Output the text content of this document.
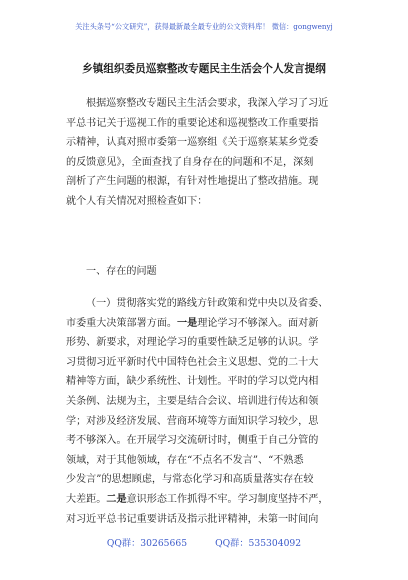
关注头条号“公文研究”，获得最新最全最专业的公文资料库！ 微信：gongwenyj
乡镇组织委员巡察整改专题民主生活会个人发言提纲
根据巡察整改专题民主生活会要求，我深入学习了习近
平总书记关于巡视工作的重要论述和巡视整改工作重要指
示精神，认真对照市委第一巡察组《关于巡察某某乡党委
的反馈意见》，全面查找了自身存在的问题和不足，深刻
剖析了产生问题的根源，有针对性地提出了整改措施。现
就个人有关情况对照检查如下：
一、存在的问题
（一）贯彻落实党的路线方针政策和党中央以及省委、
市委重大决策部署方面。一是理论学习不够深入。面对新
形势、新要求，对理论学习的重要性缺乏足够的认识。学
习贯彻习近平新时代中国特色社会主义思想、党的二十大
精神等方面，缺少系统性、计划性。平时的学习以党内相
关条例、法规为主，主要是结合会议、培训进行传达和领
学；对涉及经济发展、营商环境等方面知识学习较少，思
考不够深入。在开展学习交流研讨时，侧重于自己分管的
领域，对于其他领域，存在“不点名不发言”、“不熟悉
少发言”的思想顾虑，与常态化学习和高质量落实存在较
大差距。二是意识形态工作抓得不牢。学习制度坚持不严，
对习近平总书记重要讲话及指示批评精神，未第一时间向
QQ群：30265665	QQ群：535304092
